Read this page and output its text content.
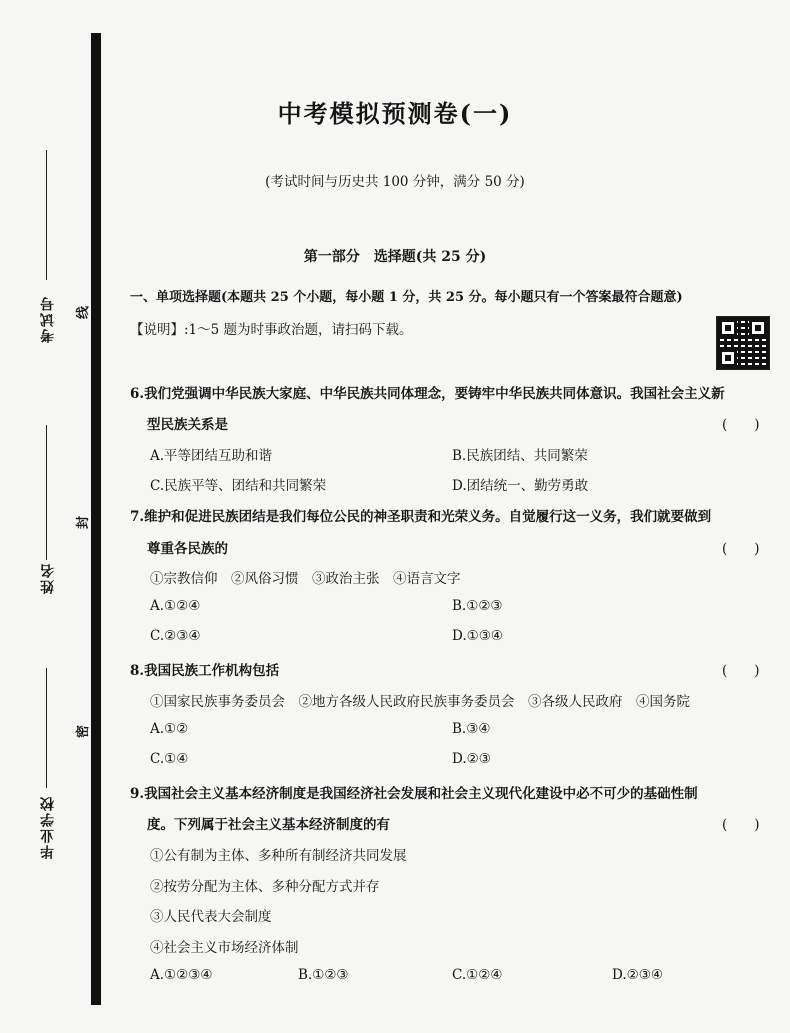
考试号
姓名
毕业学校
线
封
密
中考模拟预测卷(一)
(考试时间与历史共 100 分钟，满分 50 分)
第一部分　选择题(共 25 分)
一、单项选择题(本题共 25 个小题，每小题 1 分，共 25 分。每小题只有一个答案最符合题意)
【说明】:1～5 题为时事政治题，请扫码下载。
6.我们党强调中华民族大家庭、中华民族共同体理念，要铸牢中华民族共同体意识。我国社会主义新
型民族关系是	(　　)
A.平等团结互助和谐	B.民族团结、共同繁荣
C.民族平等、团结和共同繁荣	D.团结统一、勤劳勇敢
7.维护和促进民族团结是我们每位公民的神圣职责和光荣义务。自觉履行这一义务，我们就要做到
尊重各民族的	(　　)
①宗教信仰　②风俗习惯　③政治主张　④语言文字
A.①②④	B.①②③
C.②③④	D.①③④
8.我国民族工作机构包括	(　　)
①国家民族事务委员会　②地方各级人民政府民族事务委员会　③各级人民政府　④国务院
A.①②	B.③④
C.①④	D.②③
9.我国社会主义基本经济制度是我国经济社会发展和社会主义现代化建设中必不可少的基础性制
度。下列属于社会主义基本经济制度的有	(　　)
①公有制为主体、多种所有制经济共同发展
②按劳分配为主体、多种分配方式并存
③人民代表大会制度
④社会主义市场经济体制
A.①②③④	B.①②③	C.①②④	D.②③④
